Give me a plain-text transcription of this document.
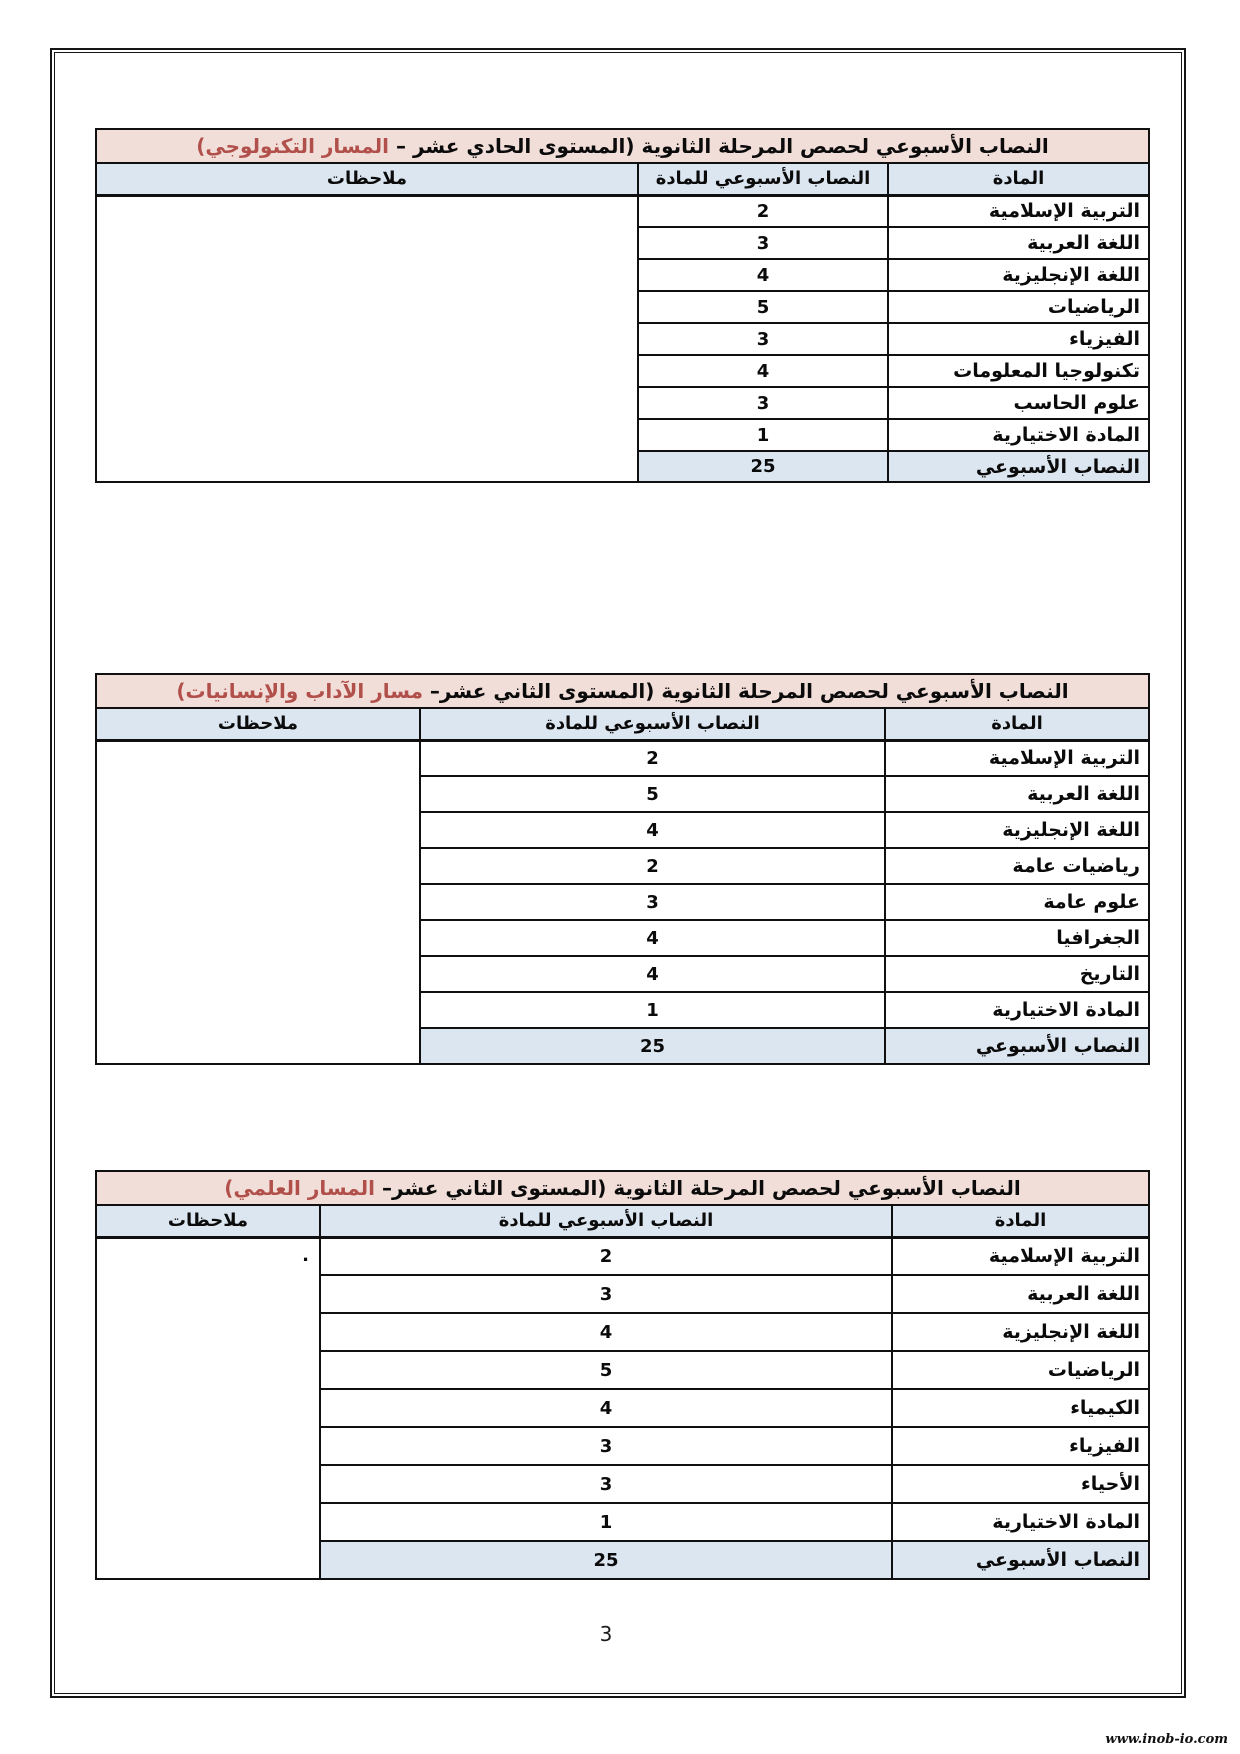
النصاب الأسبوعي لحصص المرحلة الثانوية (المستوى الحادي عشر – المسار التكنولوجي)		
المادة	النصاب الأسبوعي للمادة	ملاحظات
التربية الإسلامية	2	
اللغة العربية	3	
اللغة الإنجليزية	4	
الرياضيات	5	
الفيزياء	3	
تكنولوجيا المعلومات	4	
علوم الحاسب	3	
المادة الاختيارية	1	
النصاب الأسبوعي	25	
النصاب الأسبوعي لحصص المرحلة الثانوية (المستوى الثاني عشر– مسار الآداب والإنسانيات)		
المادة	النصاب الأسبوعي للمادة	ملاحظات
التربية الإسلامية	2	
اللغة العربية	5	
اللغة الإنجليزية	4	
رياضيات عامة	2	
علوم عامة	3	
الجغرافيا	4	
التاريخ	4	
المادة الاختيارية	1	
النصاب الأسبوعي	25	
النصاب الأسبوعي لحصص المرحلة الثانوية (المستوى الثاني عشر– المسار العلمي)		
المادة	النصاب الأسبوعي للمادة	ملاحظات
التربية الإسلامية	2	.
اللغة العربية	3	
اللغة الإنجليزية	4	
الرياضيات	5	
الكيمياء	4	
الفيزياء	3	
الأحياء	3	
المادة الاختيارية	1	
النصاب الأسبوعي	25	
3
www.inob-io.com
